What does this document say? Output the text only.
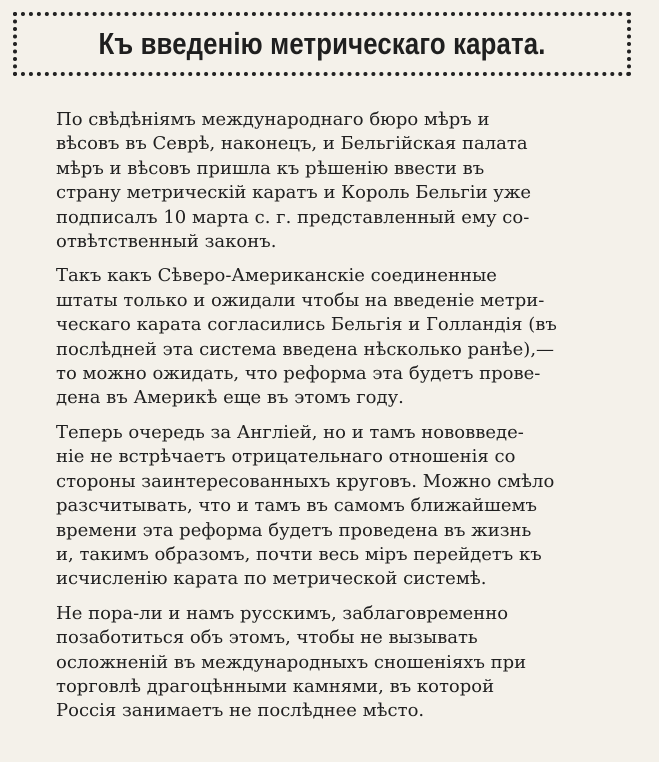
Къ введенію метрическаго карата.

По свѣдѣніямъ международнаго бюро мѣръ и
вѣсовъ въ Севрѣ, наконецъ, и Бельгійская палата
мѣръ и вѣсовъ пришла къ рѣшенію ввести въ
страну метрическій каратъ и Король Бельгіи уже
подписалъ 10 марта с. г. представленный ему со-
отвѣтственный законъ.

Такъ какъ Сѣверо-Американскіе соединенные
штаты только и ожидали чтобы на введеніе метри-
ческаго карата согласились Бельгія и Голландія (въ
послѣдней эта система введена нѣсколько ранѣе),—
то можно ожидать, что реформа эта будетъ прове-
дена въ Америкѣ еще въ этомъ году.

Теперь очередь за Англіей, но и тамъ нововведе-
ніе не встрѣчаетъ отрицательнаго отношенія со
стороны заинтересованныхъ круговъ. Можно смѣло
разсчитывать, что и тамъ въ самомъ ближайшемъ
времени эта реформа будетъ проведена въ жизнь
и, такимъ образомъ, почти весь міръ перейдетъ къ
исчисленію карата по метрической системѣ.

Не пора-ли и намъ русскимъ, заблаговременно
позаботиться объ этомъ, чтобы не вызывать
осложненій въ международныхъ сношеніяхъ при
торговлѣ драгоцѣнными камнями, въ которой
Россія занимаетъ не послѣднее мѣсто.
